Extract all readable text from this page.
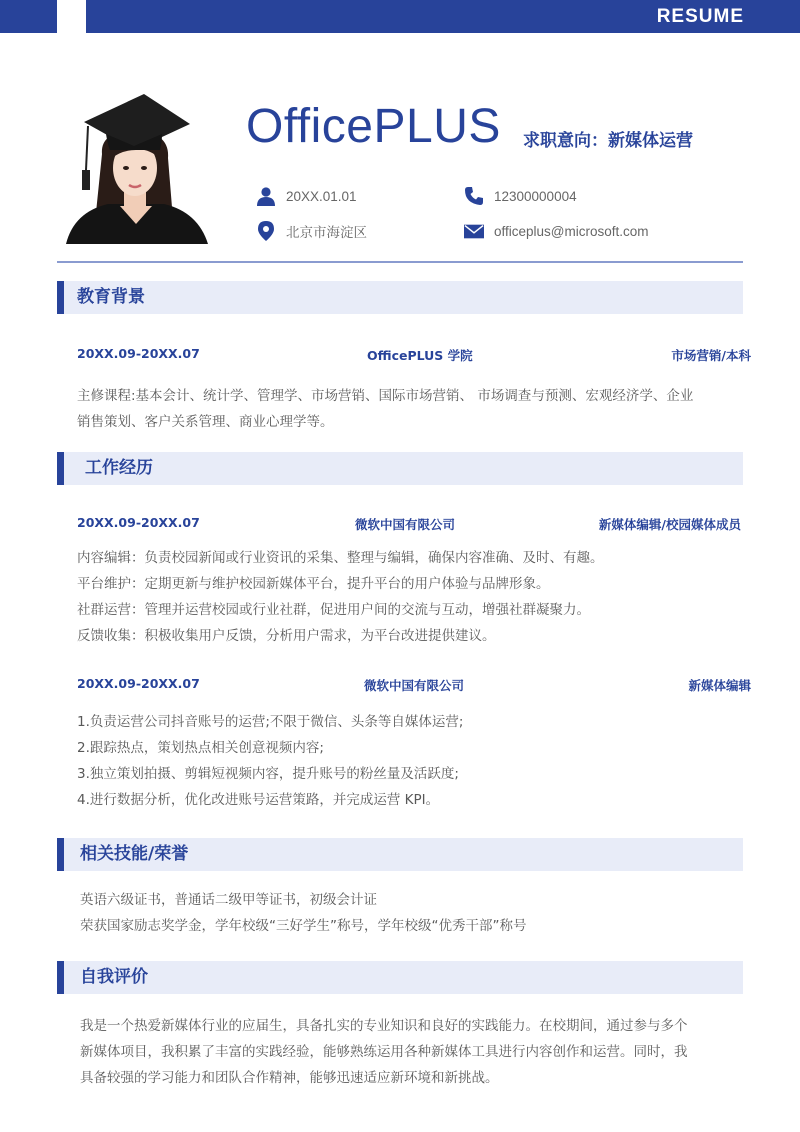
RESUME
OfficePLUS 求职意向：新媒体运营
20XX.01.01	12300000004
北京市海淀区	officeplus@microsoft.com
教育背景
20XX.09-20XX.07	OfficePLUS 学院	市场营销/本科
主修课程:基本会计、统计学、管理学、市场营销、国际市场营销、 市场调查与预测、宏观经济学、企业
销售策划、客户关系管理、商业心理学等。
工作经历
20XX.09-20XX.07	微软中国有限公司	新媒体编辑/校园媒体成员
内容编辑：负责校园新闻或行业资讯的采集、整理与编辑，确保内容准确、及时、有趣。
平台维护：定期更新与维护校园新媒体平台，提升平台的用户体验与品牌形象。
社群运营：管理并运营校园或行业社群，促进用户间的交流与互动，增强社群凝聚力。
反馈收集：积极收集用户反馈，分析用户需求，为平台改进提供建议。
20XX.09-20XX.07	微软中国有限公司	新媒体编辑
1.负责运营公司抖音账号的运营;不限于微信、头条等自媒体运营;
2.跟踪热点，策划热点相关创意视频内容;
3.独立策划拍摄、剪辑短视频内容，提升账号的粉丝量及活跃度;
4.进行数据分析，优化改进账号运营策路，并完成运营 KPI。
相关技能/荣誉
英语六级证书，普通话二级甲等证书，初级会计证
荣获国家励志奖学金，学年校级“三好学生”称号，学年校级“优秀干部”称号
自我评价
我是一个热爱新媒体行业的应届生，具备扎实的专业知识和良好的实践能力。在校期间，通过参与多个
新媒体项目，我积累了丰富的实践经验，能够熟练运用各种新媒体工具进行内容创作和运营。同时，我
具备较强的学习能力和团队合作精神，能够迅速适应新环境和新挑战。
